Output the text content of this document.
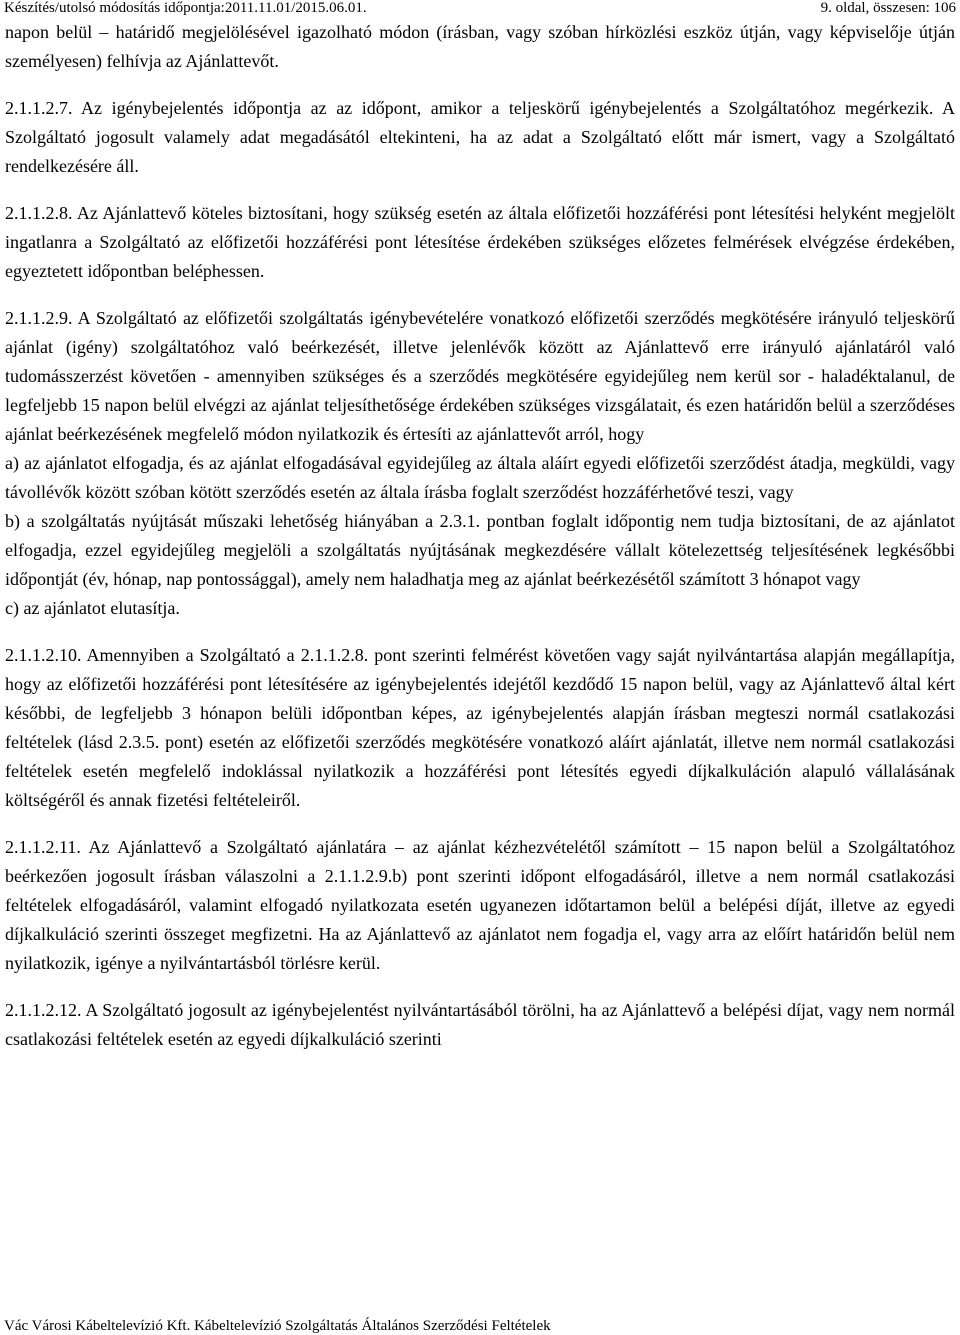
Készítés/utolsó módosítás időpontja:2011.11.01/2015.06.01.	9. oldal, összesen: 106

napon belül – határidő megjelölésével igazolható módon (írásban, vagy szóban hírközlési eszköz útján, vagy képviselője útján személyesen) felhívja az Ajánlattevőt.

2.1.1.2.7. Az igénybejelentés időpontja az az időpont, amikor a teljeskörű igénybejelentés a Szolgáltatóhoz megérkezik. A Szolgáltató jogosult valamely adat megadásától eltekinteni, ha az adat a Szolgáltató előtt már ismert, vagy a Szolgáltató rendelkezésére áll.

2.1.1.2.8. Az Ajánlattevő köteles biztosítani, hogy szükség esetén az általa előfizetői hozzáférési pont létesítési helyként megjelölt ingatlanra a Szolgáltató az előfizetői hozzáférési pont létesítése érdekében szükséges előzetes felmérések elvégzése érdekében, egyeztetett időpontban beléphessen.

2.1.1.2.9. A Szolgáltató az előfizetői szolgáltatás igénybevételére vonatkozó előfizetői szerződés megkötésére irányuló teljeskörű ajánlat (igény) szolgáltatóhoz való beérkezését, illetve jelenlévők között az Ajánlattevő erre irányuló ajánlatáról való tudomásszerzést követően - amennyiben szükséges és a szerződés megkötésére egyidejűleg nem kerül sor - haladéktalanul, de legfeljebb 15 napon belül elvégzi az ajánlat teljesíthetősége érdekében szükséges vizsgálatait, és ezen határidőn belül a szerződéses ajánlat beérkezésének megfelelő módon nyilatkozik és értesíti az ajánlattevőt arról, hogy

a) az ajánlatot elfogadja, és az ajánlat elfogadásával egyidejűleg az általa aláírt egyedi előfizetői szerződést átadja, megküldi, vagy távollévők között szóban kötött szerződés esetén az általa írásba foglalt szerződést hozzáférhetővé teszi, vagy

b) a szolgáltatás nyújtását műszaki lehetőség hiányában a 2.3.1. pontban foglalt időpontig nem tudja biztosítani, de az ajánlatot elfogadja, ezzel egyidejűleg megjelöli a szolgáltatás nyújtásának megkezdésére vállalt kötelezettség teljesítésének legkésőbbi időpontját (év, hónap, nap pontossággal), amely nem haladhatja meg az ajánlat beérkezésétől számított 3 hónapot vagy

c) az ajánlatot elutasítja.

2.1.1.2.10. Amennyiben a Szolgáltató a 2.1.1.2.8. pont szerinti felmérést követően vagy saját nyilvántartása alapján megállapítja, hogy az előfizetői hozzáférési pont létesítésére az igénybejelentés idejétől kezdődő 15 napon belül, vagy az Ajánlattevő által kért későbbi, de legfeljebb 3 hónapon belüli időpontban képes, az igénybejelentés alapján írásban megteszi normál csatlakozási feltételek (lásd 2.3.5. pont) esetén az előfizetői szerződés megkötésére vonatkozó aláírt ajánlatát, illetve nem normál csatlakozási feltételek esetén megfelelő indoklással nyilatkozik a hozzáférési pont létesítés egyedi díjkalkuláción alapuló vállalásának költségéről és annak fizetési feltételeiről.

2.1.1.2.11. Az Ajánlattevő a Szolgáltató ajánlatára – az ajánlat kézhezvételétől számított – 15 napon belül a Szolgáltatóhoz beérkezően jogosult írásban válaszolni a 2.1.1.2.9.b) pont szerinti időpont elfogadásáról, illetve a nem normál csatlakozási feltételek elfogadásáról, valamint elfogadó nyilatkozata esetén ugyanezen időtartamon belül a belépési díját, illetve az egyedi díjkalkuláció szerinti összeget megfizetni. Ha az Ajánlattevő az ajánlatot nem fogadja el, vagy arra az előírt határidőn belül nem nyilatkozik, igénye a nyilvántartásból törlésre kerül.

2.1.1.2.12. A Szolgáltató jogosult az igénybejelentést nyilvántartásából törölni, ha az Ajánlattevő a belépési díjat, vagy nem normál csatlakozási feltételek esetén az egyedi díjkalkuláció szerinti

Vác Városi Kábeltelevízió Kft. Kábeltelevízió Szolgáltatás Általános Szerződési Feltételek
